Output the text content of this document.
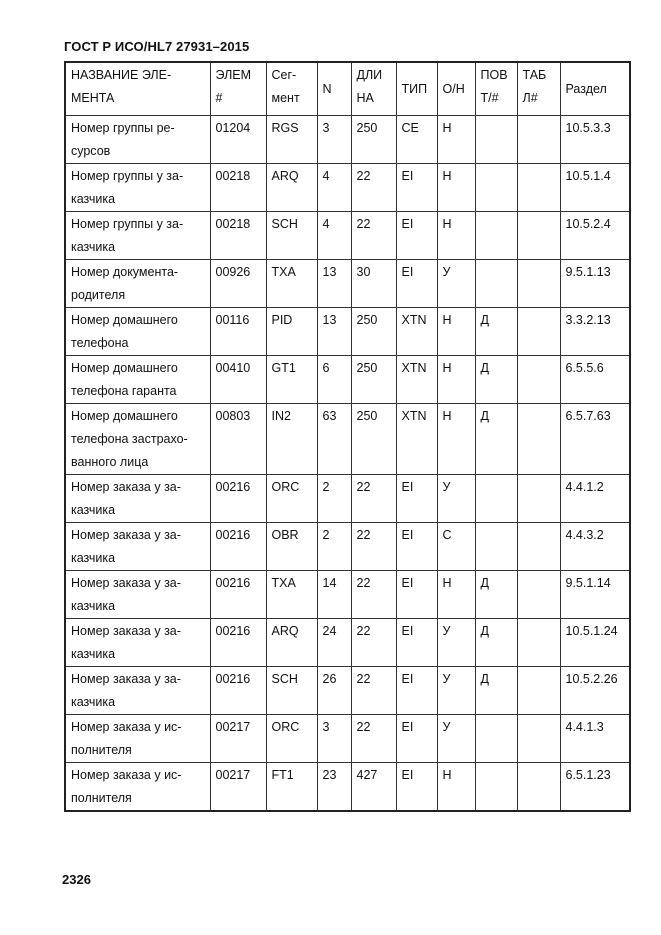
ГОСТ Р ИСО/HL7 27931–2015
НАЗВАНИЕ ЭЛЕ-МЕНТА	ЭЛЕМ #	Сег-мент	N	ДЛИ НА	ТИП	О/Н	ПОВ Т/#	ТАБ Л#	Раздел
Номер группы ре-сурсов	01204	RGS	3	250	CE	Н			10.5.3.3
Номер группы у за-казчика	00218	ARQ	4	22	EI	Н			10.5.1.4
Номер группы у за-казчика	00218	SCH	4	22	EI	Н			10.5.2.4
Номер документа-родителя	00926	TXA	13	30	EI	У			9.5.1.13
Номер домашнего телефона	00116	PID	13	250	XTN	Н	Д		3.3.2.13
Номер домашнего телефона гаранта	00410	GT1	6	250	XTN	Н	Д		6.5.5.6
Номер домашнего телефона застрахо-ванного лица	00803	IN2	63	250	XTN	Н	Д		6.5.7.63
Номер заказа у за-казчика	00216	ORC	2	22	EI	У			4.4.1.2
Номер заказа у за-казчика	00216	OBR	2	22	EI	С			4.4.3.2
Номер заказа у за-казчика	00216	TXA	14	22	EI	Н	Д		9.5.1.14
Номер заказа у за-казчика	00216	ARQ	24	22	EI	У	Д		10.5.1.24
Номер заказа у за-казчика	00216	SCH	26	22	EI	У	Д		10.5.2.26
Номер заказа у ис-полнителя	00217	ORC	3	22	EI	У			4.4.1.3
Номер заказа у ис-полнителя	00217	FT1	23	427	EI	Н			6.5.1.23
2326
